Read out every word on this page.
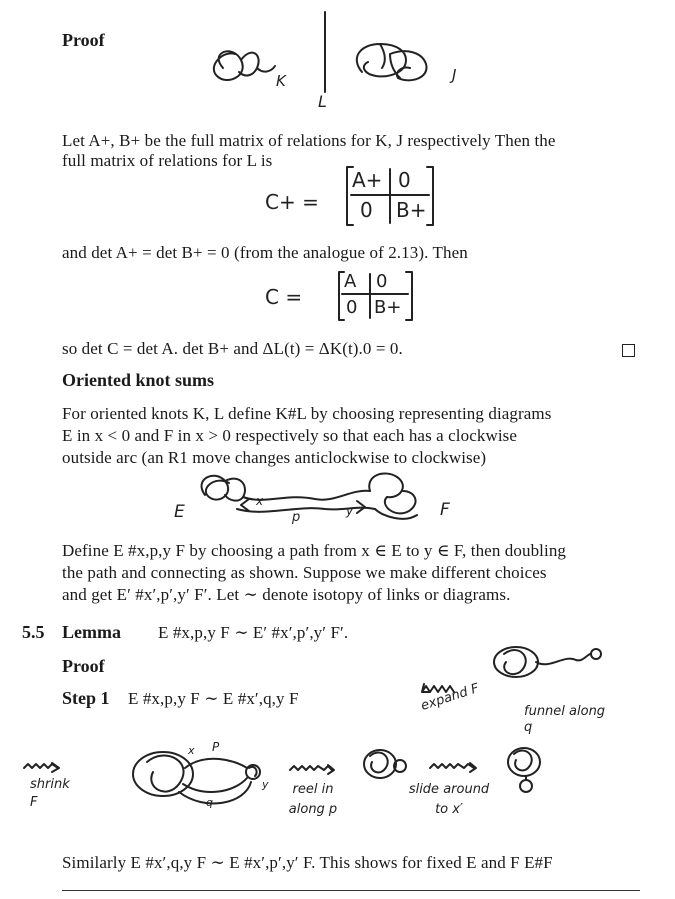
Proof
K
L
J
Let A+, B+ be the full matrix of relations for K, J respectively Then the
full matrix of relations for L is
C+ =
A+ 0
0 B+
and det A+ = det B+ = 0 (from the analogue of 2.13). Then
C =
A 0
0 B+
so det C = det A. det B+ and ΔL(t) = ΔK(t).0 = 0.
Oriented knot sums
For oriented knots K, L define K#L by choosing representing diagrams
E in x < 0 and F in x > 0 respectively so that each has a clockwise
outside arc (an R1 move changes anticlockwise to clockwise)
E	F
x
p	y
Define E #x,p,y F by choosing a path from x ∈ E to y ∈ F, then doubling
the path and connecting as shown. Suppose we make different choices
and get E′ #x′,p′,y′ F′. Let ∼ denote isotopy of links or diagrams.
5.5 Lemma E #x,p,y F ∼ E′ #x′,p′,y′ F′.
Proof
Step 1 E #x,p,y F ∼ E #x′,q,y F	expand F	funnel along q
shrink F
x P
y
q
reel in along p
slide around to x′
Similarly E #x′,q,y F ∼ E #x′,p′,y′ F. This shows for fixed E and F E#F
